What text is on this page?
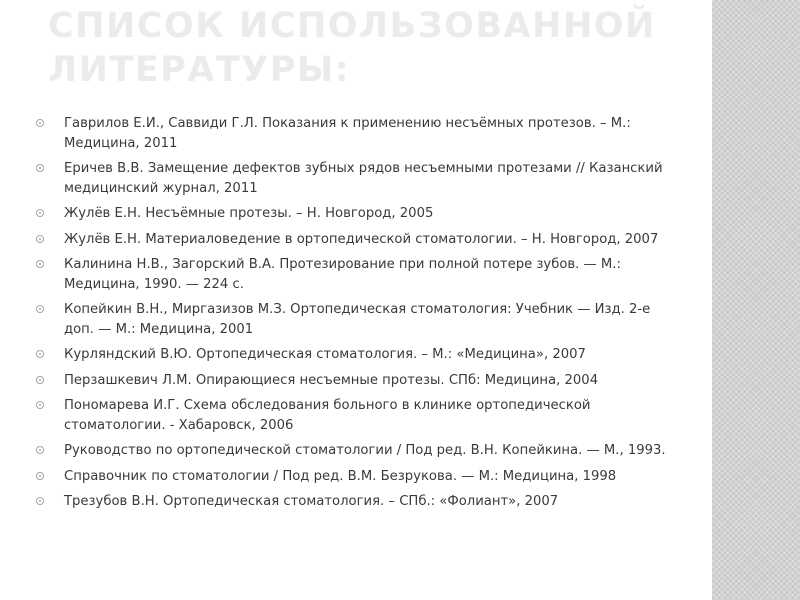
СПИСОК ИСПОЛЬЗОВАННОЙ ЛИТЕРАТУРЫ:
Гаврилов Е.И., Саввиди Г.Л. Показания к применению несъёмных протезов. – М.: Медицина, 2011
Еричев В.В. Замещение дефектов зубных рядов несъемными протезами // Казанский медицинский журнал, 2011
Жулёв Е.Н. Несъёмные протезы. – Н. Новгород, 2005
Жулёв Е.Н. Материаловедение в ортопедической стоматологии. – Н. Новгород, 2007
Калинина Н.В., Загорский В.А. Протезирование при полной потере зубов. — М.: Медицина, 1990. — 224 с.
Копейкин В.Н., Миргазизов М.З. Ортопедическая стоматология: Учебник — Изд. 2-е доп. — М.: Медицина, 2001
Курляндский В.Ю. Ортопедическая стоматология. – М.: «Медицина», 2007
Перзашкевич Л.М. Опирающиеся несъемные протезы. СПб: Медицина, 2004
Пономарева И.Г. Схема обследования больного в клинике ортопедической стоматологии. - Хабаровск, 2006
Руководство по ортопедической стоматологии / Под ред. В.Н. Копейкина. — М., 1993.
Справочник по стоматологии / Под ред. В.М. Безрукова. — М.: Медицина, 1998
Трезубов В.Н. Ортопедическая стоматология. – СПб.: «Фолиант», 2007
